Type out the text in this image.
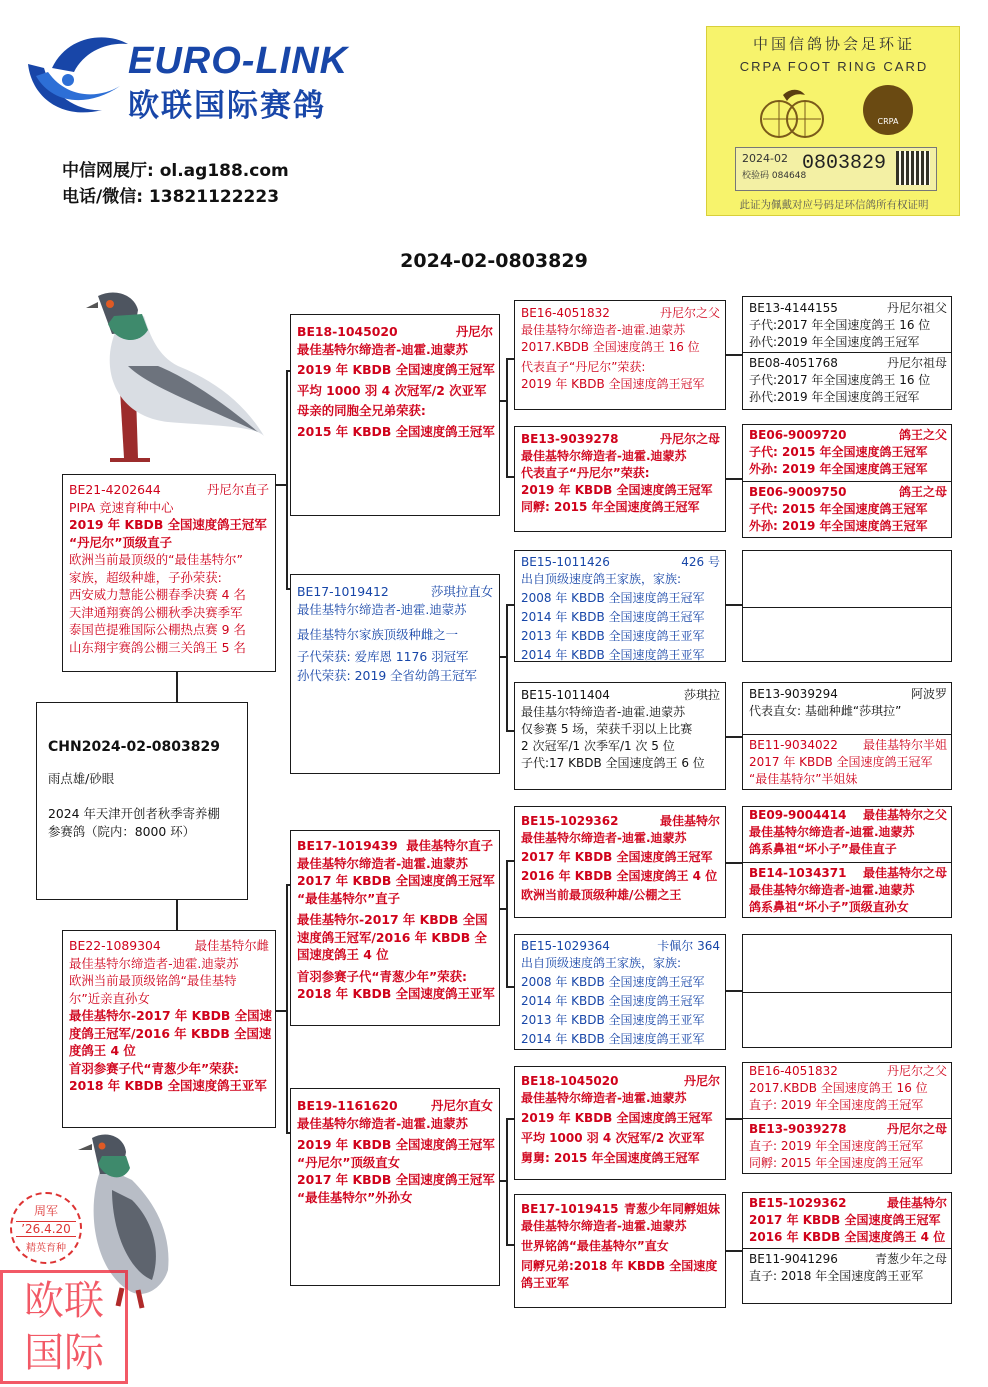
EURO-LINK
欧联国际赛鸽
中信网展厅: ol.ag188.com
电话/微信: 13821122223
中国信鸽协会足环证
CRPA FOOT RING CARD
CRPA
2024-02
校验码 084648
0803829
此证为佩戴对应号码足环信鸽所有权证明
2024-02-0803829
周军
’26.4.20
精英育种
欧联国际
CHN2024-02-0803829
雨点雄/砂眼
2024 年天津开创者秋季寄养棚
参赛鸽（院内：8000 环）
BE21-4202644	丹尼尔直子
PIPA 竞速育种中心
2019 年 KBDB 全国速度鸽王冠军
“丹尼尔”顶级直子
欧洲当前最顶级的“最佳基特尔”
家族，超级种雄，子孙荣获:
西安威力慧能公棚春季决赛 4 名
天津通翔赛鸽公棚秋季决赛季军
泰国芭提雅国际公棚热点赛 9 名
山东翔宇赛鸽公棚三关鸽王 5 名
BE22-1089304	最佳基特尔雌
最佳基特尔缔造者-迪霍.迪蒙苏
欧洲当前最顶级铭鸽“最佳基特
尔”近亲直孙女
最佳基特尔-2017 年 KBDB 全国速
度鸽王冠军/2016 年 KBDB 全国速
度鸽王 4 位
首羽参赛子代“青葱少年”荣获:
2018 年 KBDB 全国速度鸽王亚军
BE18-1045020	丹尼尔
最佳基特尔缔造者-迪霍.迪蒙苏
2019 年 KBDB 全国速度鸽王冠军
平均 1000 羽 4 次冠军/2 次亚军
母亲的同胞全兄弟荣获:
2015 年 KBDB 全国速度鸽王冠军
BE17-1019412	莎琪拉直女
最佳基特尔缔造者-迪霍.迪蒙苏
最佳基特尔家族顶级种雌之一
子代荣获: 爱库恩 1176 羽冠军
孙代荣获: 2019 全省幼鸽王冠军
BE17-1019439 最佳基特尔直子
最佳基特尔缔造者-迪霍.迪蒙苏
2017 年 KBDB 全国速度鸽王冠军
“最佳基特尔”直子
最佳基特尔-2017 年 KBDB 全国
速度鸽王冠军/2016 年 KBDB 全
国速度鸽王 4 位
首羽参赛子代“青葱少年”荣获:
2018 年 KBDB 全国速度鸽王亚军
BE19-1161620	丹尼尔直女
最佳基特尔缔造者-迪霍.迪蒙苏
2019 年 KBDB 全国速度鸽王冠军
“丹尼尔”顶级直女
2017 年 KBDB 全国速度鸽王冠军
“最佳基特尔”外孙女
BE16-4051832	丹尼尔之父
最佳基特尔缔造者-迪霍.迪蒙苏
2017.KBDB 全国速度鸽王 16 位
代表直子“丹尼尔”荣获:
2019 年 KBDB 全国速度鸽王冠军
BE13-9039278	丹尼尔之母
最佳基特尔缔造者-迪霍.迪蒙苏
代表直子“丹尼尔”荣获:
2019 年 KBDB 全国速度鸽王冠军
同孵: 2015 年全国速度鸽王冠军
BE15-1011426	426 号
出自顶级速度鸽王家族，家族:
2008 年 KBDB 全国速度鸽王冠军
2014 年 KBDB 全国速度鸽王冠军
2013 年 KBDB 全国速度鸽王亚军
2014 年 KBDB 全国速度鸽王亚军
BE15-1011404	莎琪拉
最佳基尔特缔造者-迪霍.迪蒙苏
仅参赛 5 场，荣获千羽以上比赛
2 次冠军/1 次季军/1 次 5 位
子代:17 KBDB 全国速度鸽王 6 位
BE15-1029362	最佳基特尔
最佳基特尔缔造者-迪霍.迪蒙苏
2017 年 KBDB 全国速度鸽王冠军
2016 年 KBDB 全国速度鸽王 4 位
欧洲当前最顶级种雄/公棚之王
BE15-1029364	卡佩尔 364
出自顶级速度鸽王家族，家族:
2008 年 KBDB 全国速度鸽王冠军
2014 年 KBDB 全国速度鸽王冠军
2013 年 KBDB 全国速度鸽王亚军
2014 年 KBDB 全国速度鸽王亚军
BE18-1045020	丹尼尔
最佳基特尔缔造者-迪霍.迪蒙苏
2019 年 KBDB 全国速度鸽王冠军
平均 1000 羽 4 次冠军/2 次亚军
舅舅: 2015 年全国速度鸽王冠军
BE17-1019415 青葱少年同孵姐妹
最佳基特尔缔造者-迪霍.迪蒙苏
世界铭鸽“最佳基特尔”直女
同孵兄弟:2018 年 KBDB 全国速度
鸽王亚军
BE13-4144155	丹尼尔祖父
子代:2017 年全国速度鸽王 16 位
孙代:2019 年全国速度鸽王冠军
BE08-4051768	丹尼尔祖母
子代:2017 年全国速度鸽王 16 位
孙代:2019 年全国速度鸽王冠军
BE06-9009720	鸽王之父
子代: 2015 年全国速度鸽王冠军
外孙: 2019 年全国速度鸽王冠军
BE06-9009750	鸽王之母
子代: 2015 年全国速度鸽王冠军
外孙: 2019 年全国速度鸽王冠军
BE13-9039294	阿波罗
代表直女: 基础种雌“莎琪拉”
BE11-9034022 最佳基特尔半姐
2017 年 KBDB 全国速度鸽王冠军
“最佳基特尔”半姐妹
BE09-9004414 最佳基特尔之父
最佳基特尔缔造者-迪霍.迪蒙苏
鸽系鼻祖“坏小子”最佳直子
BE14-1034371 最佳基特尔之母
最佳基特尔缔造者-迪霍.迪蒙苏
鸽系鼻祖“坏小子”顶级直孙女
BE16-4051832	丹尼尔之父
2017.KBDB 全国速度鸽王 16 位
直子: 2019 年全国速度鸽王冠军
BE13-9039278	丹尼尔之母
直子: 2019 年全国速度鸽王冠军
同孵: 2015 年全国速度鸽王冠军
BE15-1029362	最佳基特尔
2017 年 KBDB 全国速度鸽王冠军
2016 年 KBDB 全国速度鸽王 4 位
BE11-9041296	青葱少年之母
直子: 2018 年全国速度鸽王亚军
